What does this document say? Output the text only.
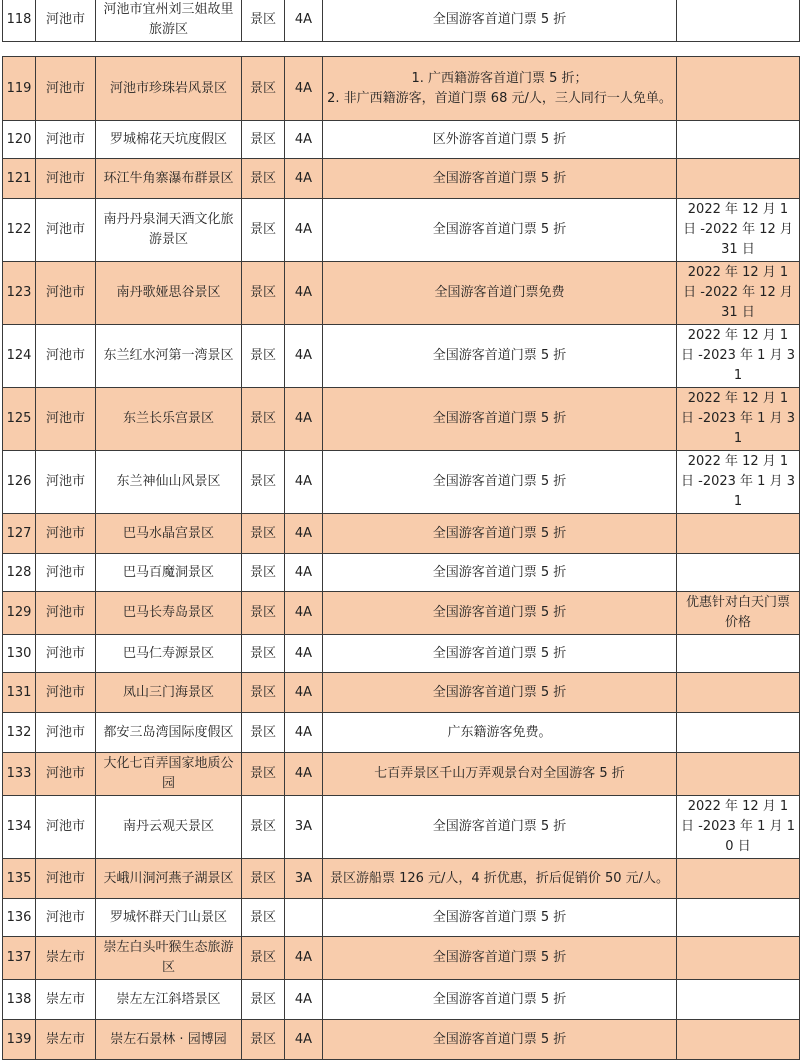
118	河池市	河池市宜州刘三姐故里旅游区	景区	4A	全国游客首道门票 5 折	
119	河池市	河池市珍珠岩风景区	景区	4A	1. 广西籍游客首道门票 5 折；
2. 非广西籍游客，首道门票 68 元/人，三人同行一人免单。	
120	河池市	罗城棉花天坑度假区	景区	4A	区外游客首道门票 5 折	
121	河池市	环江牛角寨瀑布群景区	景区	4A	全国游客首道门票 5 折	
122	河池市	南丹丹泉洞天酒文化旅游景区	景区	4A	全国游客首道门票 5 折	2022 年 12 月 1 日 -2022 年 12 月 31 日
123	河池市	南丹歌娅思谷景区	景区	4A	全国游客首道门票免费	2022 年 12 月 1 日 -2022 年 12 月 31 日
124	河池市	东兰红水河第一湾景区	景区	4A	全国游客首道门票 5 折	2022 年 12 月 1 日 -2023 年 1 月 31
125	河池市	东兰长乐宫景区	景区	4A	全国游客首道门票 5 折	2022 年 12 月 1 日 -2023 年 1 月 31
126	河池市	东兰神仙山风景区	景区	4A	全国游客首道门票 5 折	2022 年 12 月 1 日 -2023 年 1 月 31
127	河池市	巴马水晶宫景区	景区	4A	全国游客首道门票 5 折	
128	河池市	巴马百魔洞景区	景区	4A	全国游客首道门票 5 折	
129	河池市	巴马长寿岛景区	景区	4A	全国游客首道门票 5 折	优惠针对白天门票价格
130	河池市	巴马仁寿源景区	景区	4A	全国游客首道门票 5 折	
131	河池市	凤山三门海景区	景区	4A	全国游客首道门票 5 折	
132	河池市	都安三岛湾国际度假区	景区	4A	广东籍游客免费。	
133	河池市	大化七百弄国家地质公园	景区	4A	七百弄景区千山万弄观景台对全国游客 5 折	
134	河池市	南丹云观天景区	景区	3A	全国游客首道门票 5 折	2022 年 12 月 1 日 -2023 年 1 月 10 日
135	河池市	天峨川洞河燕子湖景区	景区	3A	景区游船票 126 元/人，4 折优惠，折后促销价 50 元/人。	
136	河池市	罗城怀群天门山景区	景区		全国游客首道门票 5 折	
137	崇左市	崇左白头叶猴生态旅游区	景区	4A	全国游客首道门票 5 折	
138	崇左市	崇左左江斜塔景区	景区	4A	全国游客首道门票 5 折	
139	崇左市	崇左石景林 · 园博园	景区	4A	全国游客首道门票 5 折	
